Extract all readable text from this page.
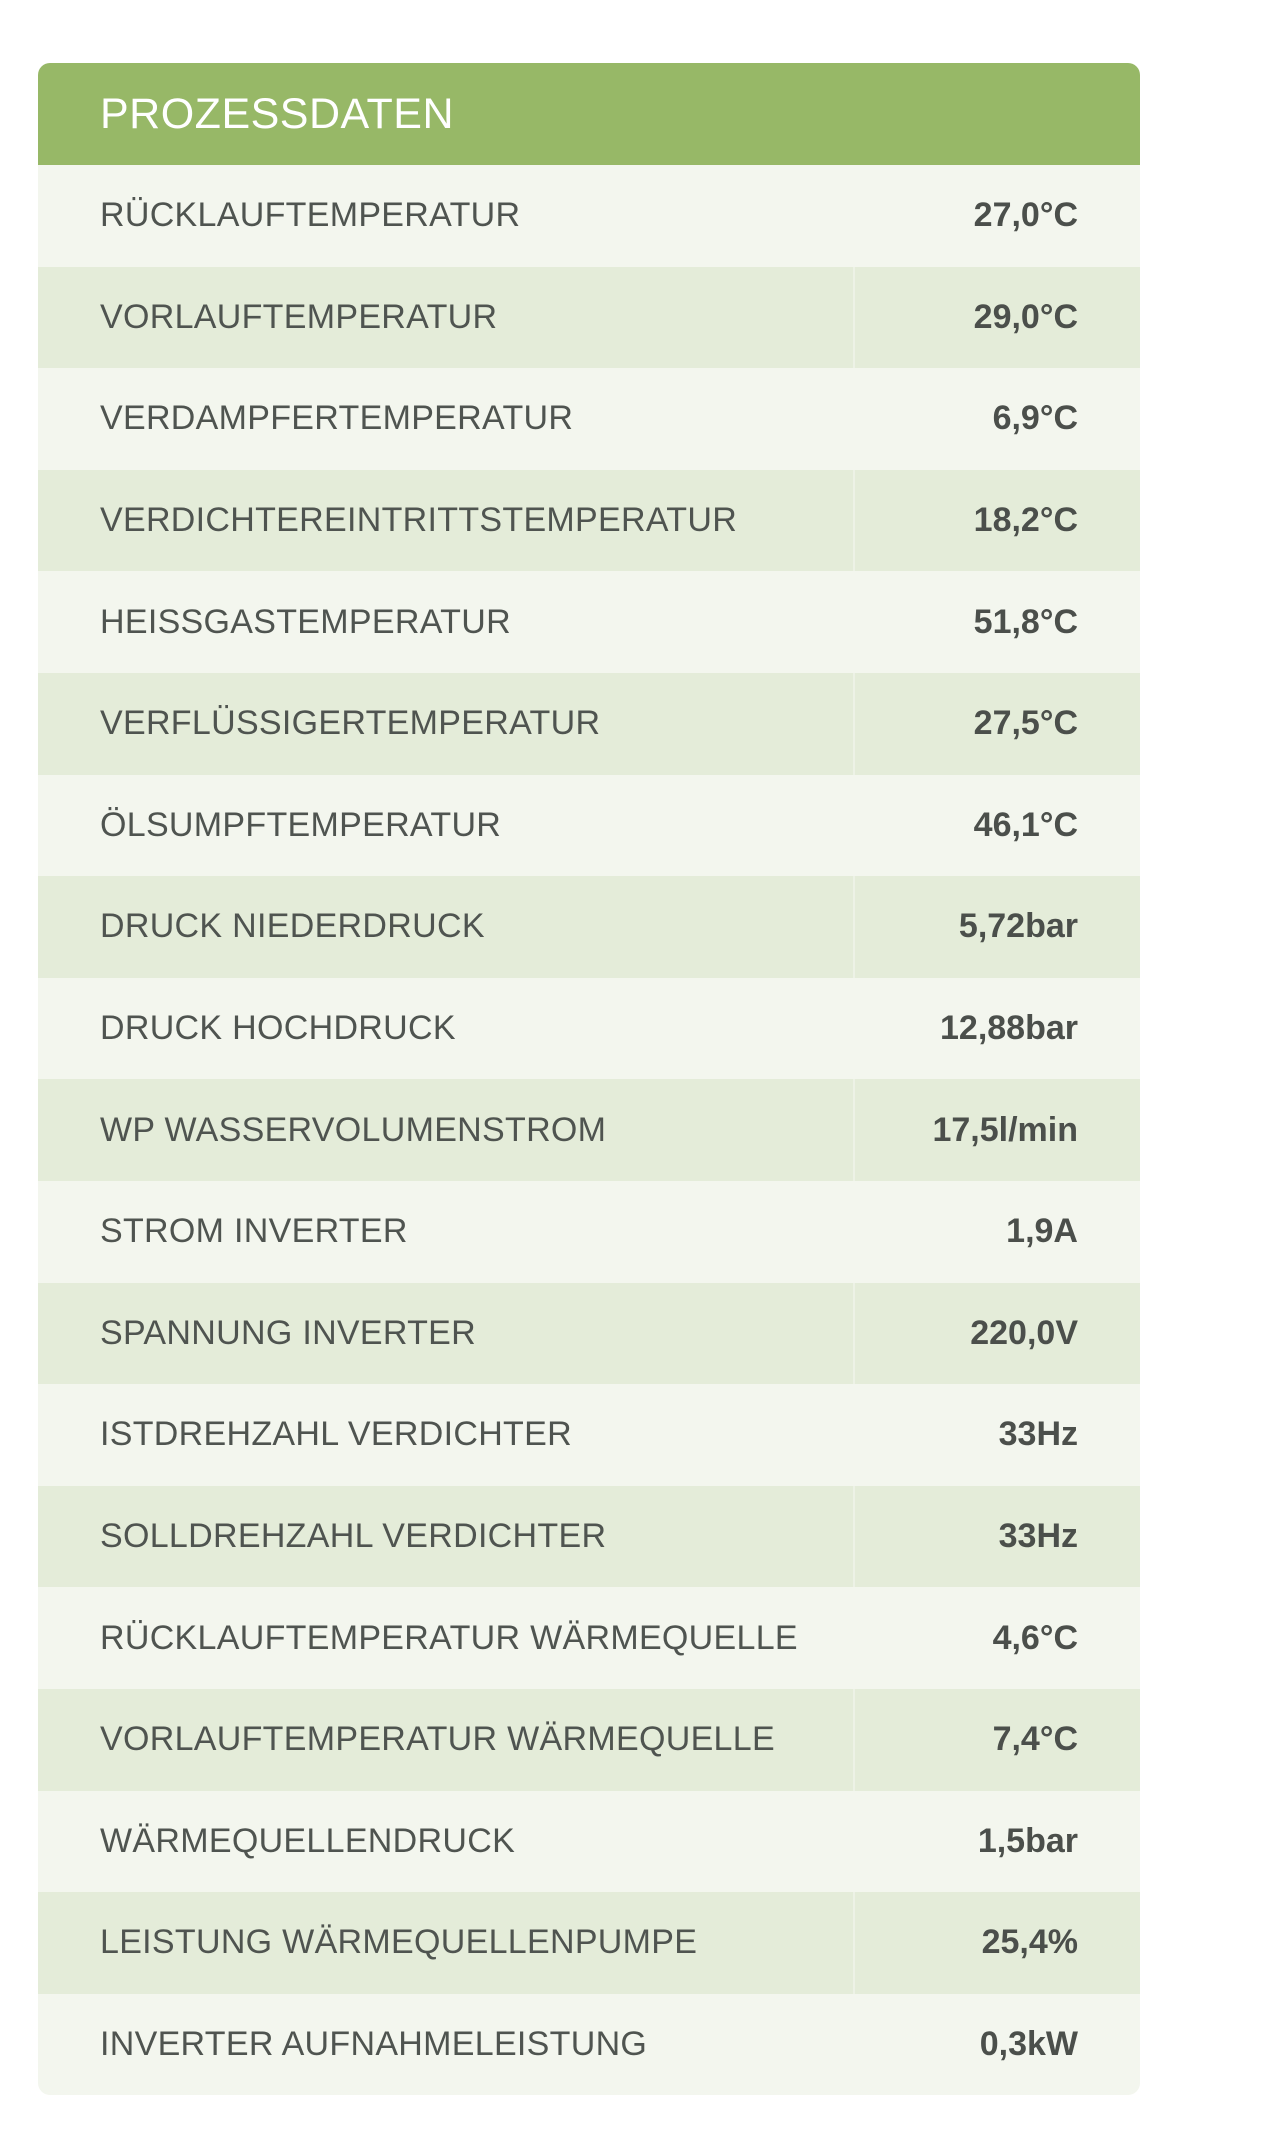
PROZESSDATEN
RÜCKLAUFTEMPERATUR	27,0°C
VORLAUFTEMPERATUR	29,0°C
VERDAMPFERTEMPERATUR	6,9°C
VERDICHTEREINTRITTSTEMPERATUR	18,2°C
HEISSGASTEMPERATUR	51,8°C
VERFLÜSSIGERTEMPERATUR	27,5°C
ÖLSUMPFTEMPERATUR	46,1°C
DRUCK NIEDERDRUCK	5,72bar
DRUCK HOCHDRUCK	12,88bar
WP WASSERVOLUMENSTROM	17,5l/min
STROM INVERTER	1,9A
SPANNUNG INVERTER	220,0V
ISTDREHZAHL VERDICHTER	33Hz
SOLLDREHZAHL VERDICHTER	33Hz
RÜCKLAUFTEMPERATUR WÄRMEQUELLE	4,6°C
VORLAUFTEMPERATUR WÄRMEQUELLE	7,4°C
WÄRMEQUELLENDRUCK	1,5bar
LEISTUNG WÄRMEQUELLENPUMPE	25,4%
INVERTER AUFNAHMELEISTUNG	0,3kW
